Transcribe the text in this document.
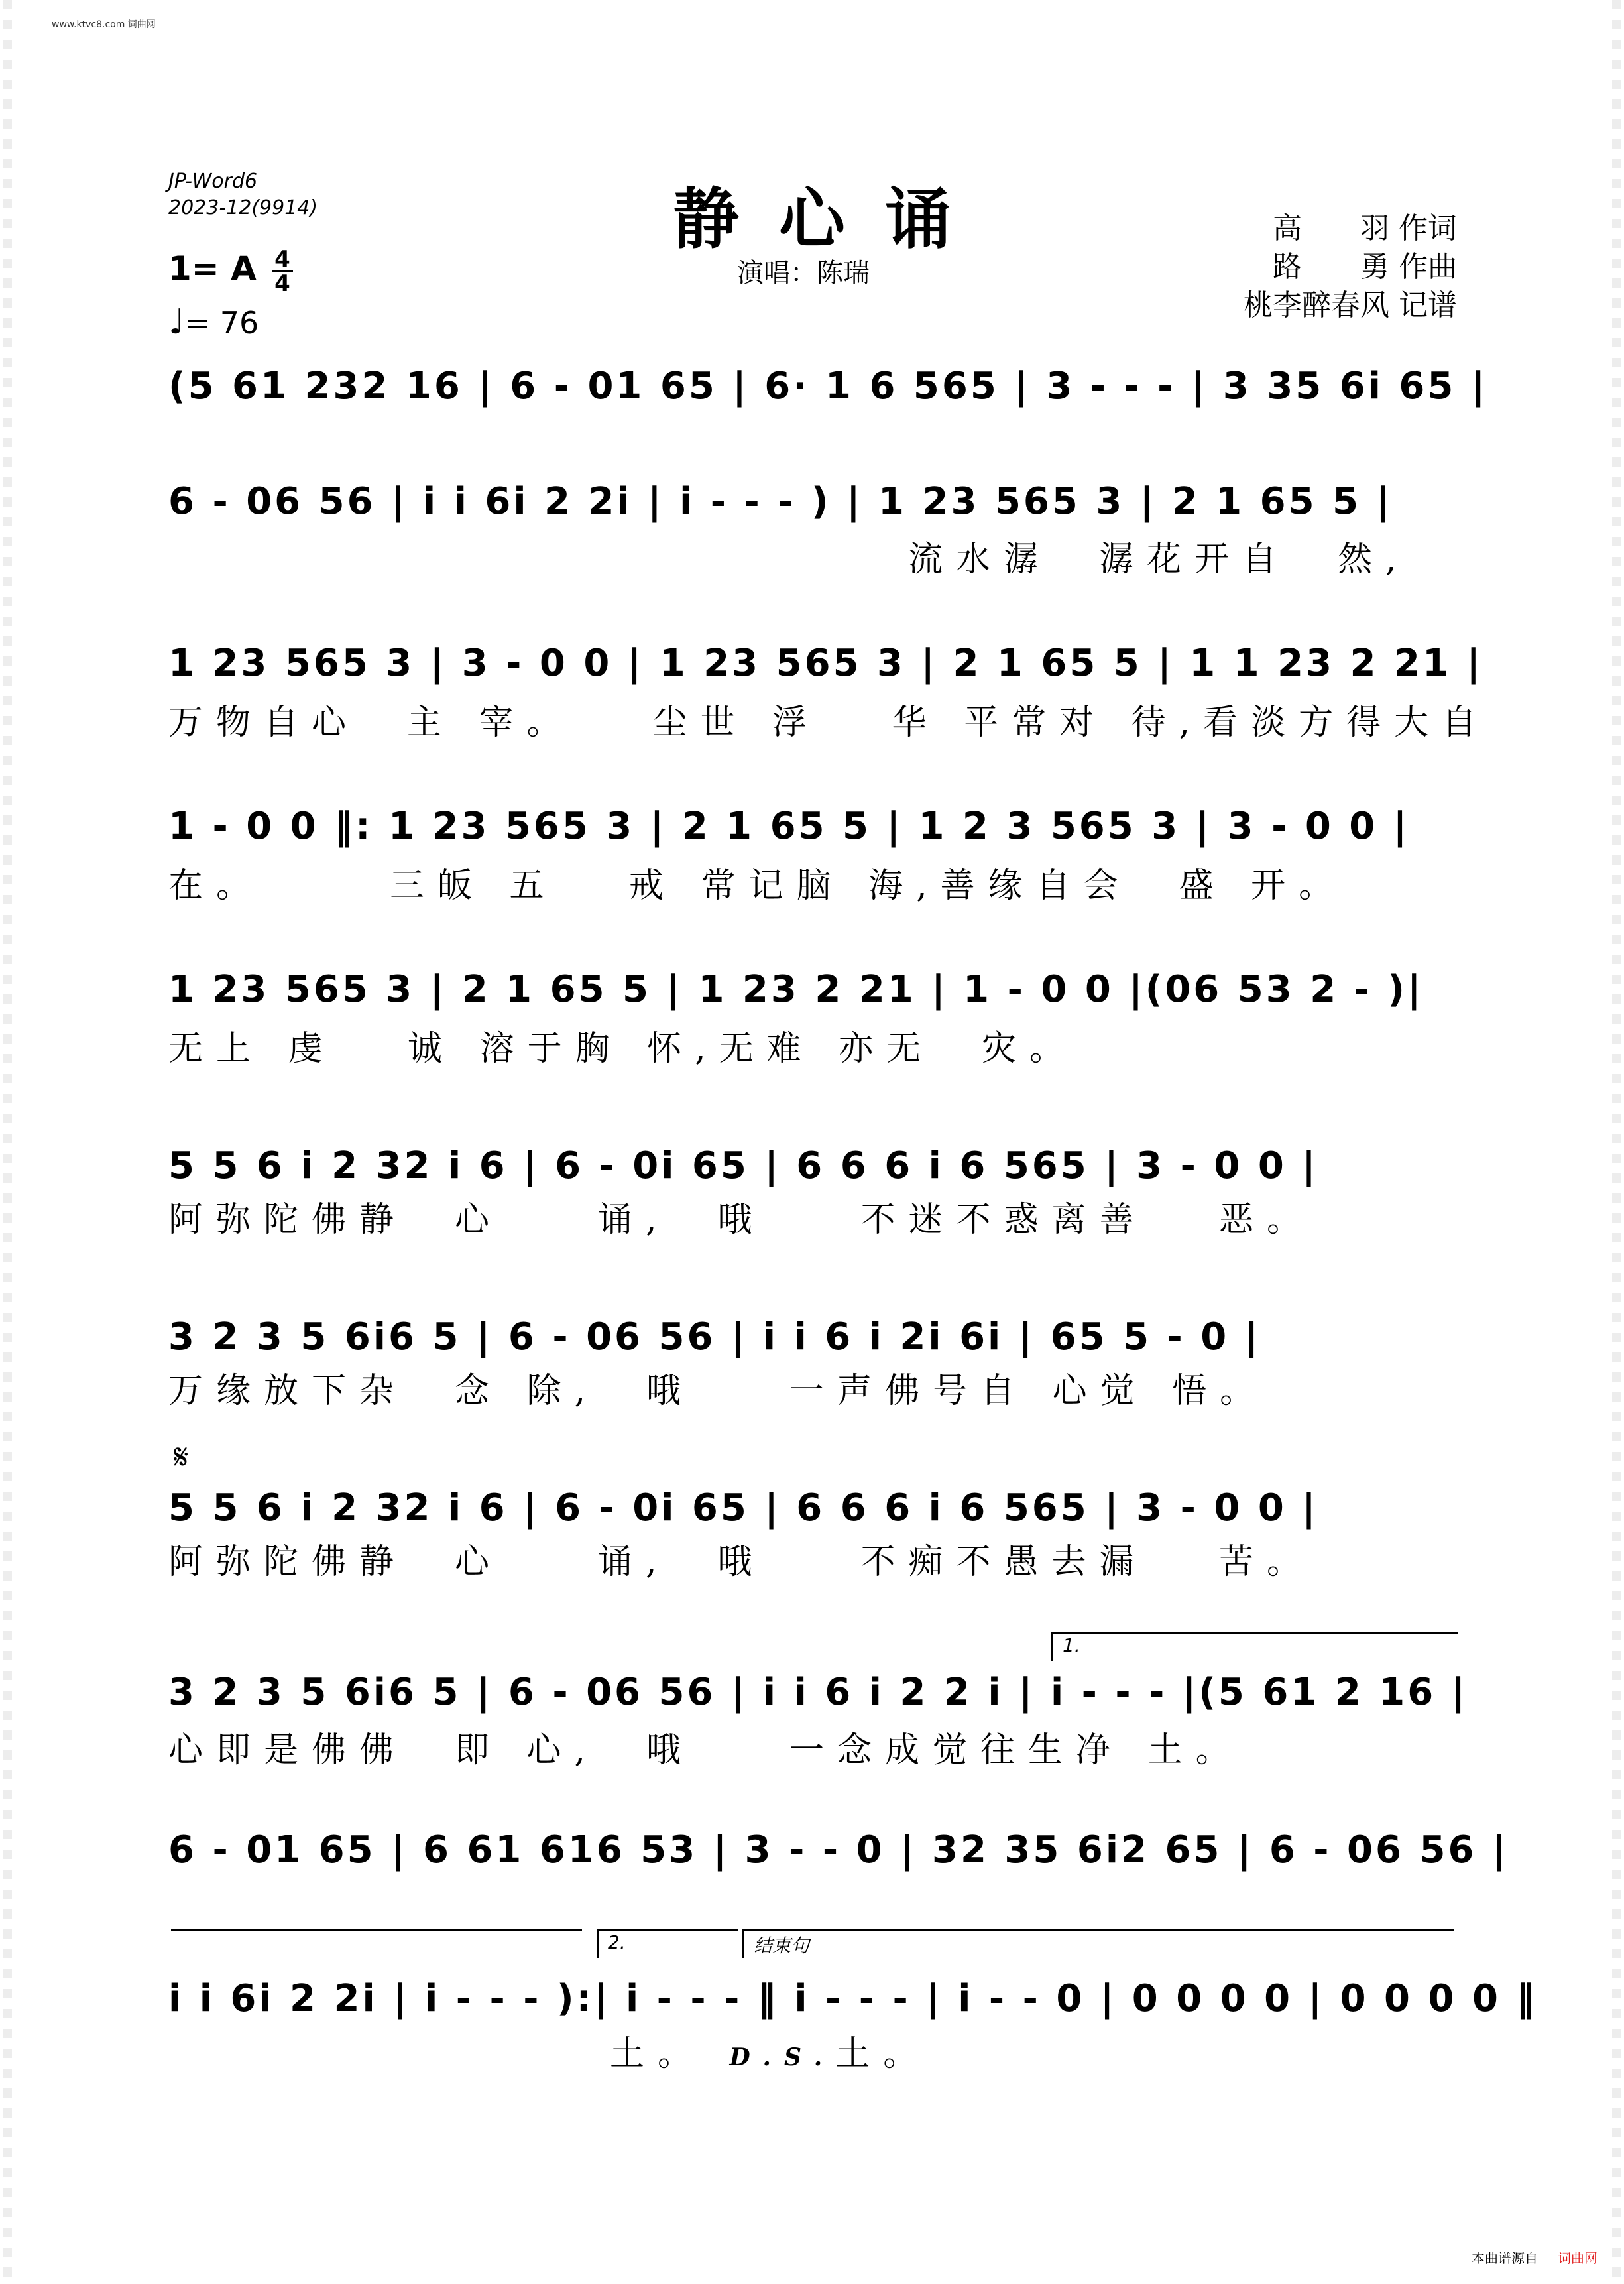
www.ktvc8.com 词曲网
JP-Word6
2023-12(9914)	静心诵
演唱：陈瑞
高　　羽 作词
路　　勇 作曲
桃李醉春风 记谱
1= A 4
4
♩= 76
(5 61 232 16 | 6 - 01 65 | 6· 1 6 565 | 3 - - - | 3 35 6i 65 |
6 - 06 56 | i i 6i 2 2i | i - - - ) | 1 23 565 3 | 2 1 65 5 |
流水潺　潺花开自　然,
1 23 565 3 | 3 - 0 0 | 1 23 565 3 | 2 1 65 5 | 1 1 23 2 21 |
万物自心　主 宰。　　尘世 浮　 华 平常对 待,看淡方得大自
1 - 0 0 ‖: 1 23 565 3 | 2 1 65 5 | 1 2 3 565 3 | 3 - 0 0 |
在。　　　三皈 五　 戒 常记脑 海,善缘自会　盛 开。
1 23 565 3 | 2 1 65 5 | 1 23 2 21 | 1 - 0 0 |(06 53 2 - )|
无上 虔　 诚 溶于胸 怀,无难 亦无　灾。
5 5 6 i 2 32 i 6 | 6 - 0i 65 | 6 6 6 i 6 565 | 3 - 0 0 |
阿弥陀佛静　心　　诵,　哦　　不迷不惑离善　 恶。
3 2 3 5 6i6 5 | 6 - 06 56 | i i 6 i 2i 6i | 65 5 - 0 |
万缘放下杂　念 除,　哦　　一声佛号自 心觉 悟。
𝄋
5 5 6 i 2 32 i 6 | 6 - 0i 65 | 6 6 6 i 6 565 | 3 - 0 0 |
阿弥陀佛静　心　　诵,　哦　　不痴不愚去漏　 苦。
1.
3 2 3 5 6i6 5 | 6 - 06 56 | i i 6 i 2 2 i | i - - - |(5 61 2 16 |
心即是佛佛　即 心,　哦　　一念成觉往生净 土。
6 - 01 65 | 6 61 616 53 | 3 - - 0 | 32 35 6i2 65 | 6 - 06 56 |
2.	结束句
i i 6i 2 2i | i - - - ):| i - - - ‖ i - - - | i - - 0 | 0 0 0 0 | 0 0 0 0 ‖
土。 D.S.土。
本曲谱源自 词曲网
